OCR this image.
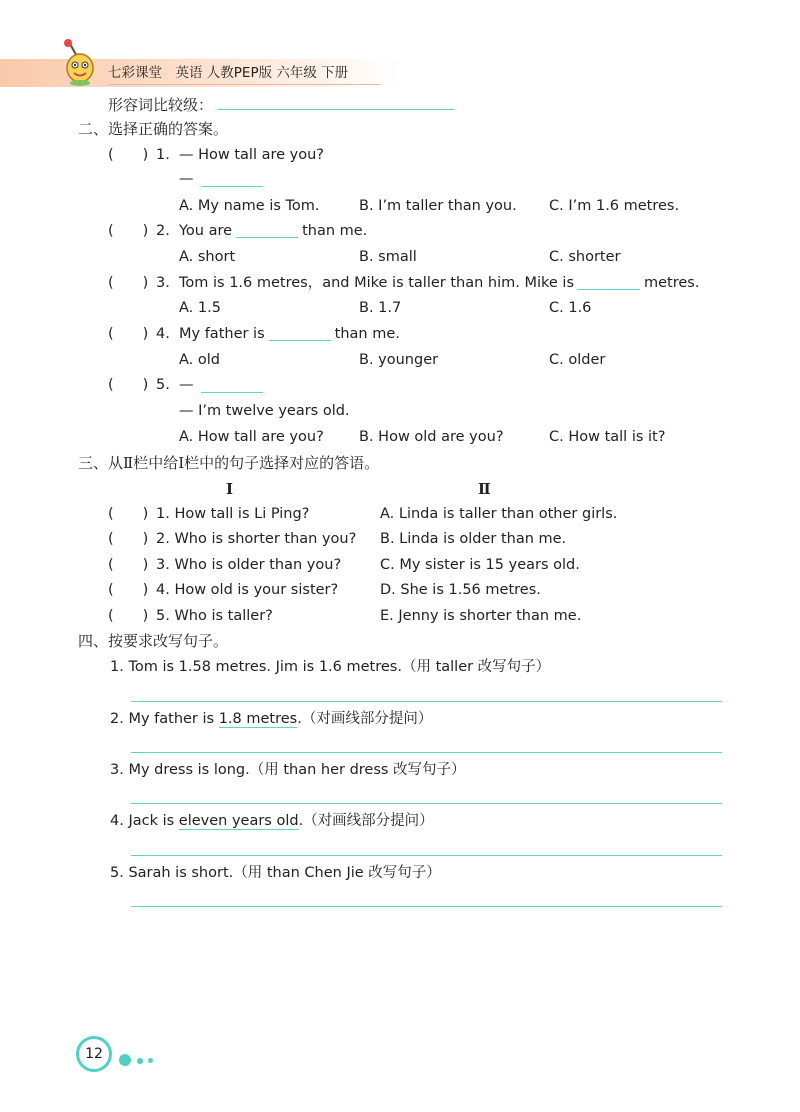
七彩课堂　英语 人教PEP版 六年级 下册
形容词比较级：
二、选择正确的答案。
(　　) 1. — How tall are you?
—
A. My name is Tom.	B. I’m taller than you. C. I’m 1.6 metres.
(　　) 2. You are	than me.
A. short	B. small	C. shorter
(　　) 3. Tom is 1.6 metres，and Mike is taller than him. Mike is	metres.
A. 1.5	B. 1.7	C. 1.6
(　　) 4. My father is	than me.
A. old	B. younger	C. older
(　　) 5. —
— I’m twelve years old.
A. How tall are you? B. How old are you?	C. How tall is it?
三、从Ⅱ栏中给Ⅰ栏中的句子选择对应的答语。
Ⅰ	Ⅱ
(　　) 1. How tall is Li Ping?	A. Linda is taller than other girls.
(　　) 2. Who is shorter than you? B. Linda is older than me.
(　　) 3. Who is older than you?	C. My sister is 15 years old.
(　　) 4. How old is your sister?	D. She is 1.56 metres.
(　　) 5. Who is taller?	E. Jenny is shorter than me.
四、按要求改写句子。
1. Tom is 1.58 metres. Jim is 1.6 metres.（用 taller 改写句子）
2. My father is 1.8 metres.（对画线部分提问）
3. My dress is long.（用 than her dress 改写句子）
4. Jack is eleven years old.（对画线部分提问）
5. Sarah is short.（用 than Chen Jie 改写句子）
12
